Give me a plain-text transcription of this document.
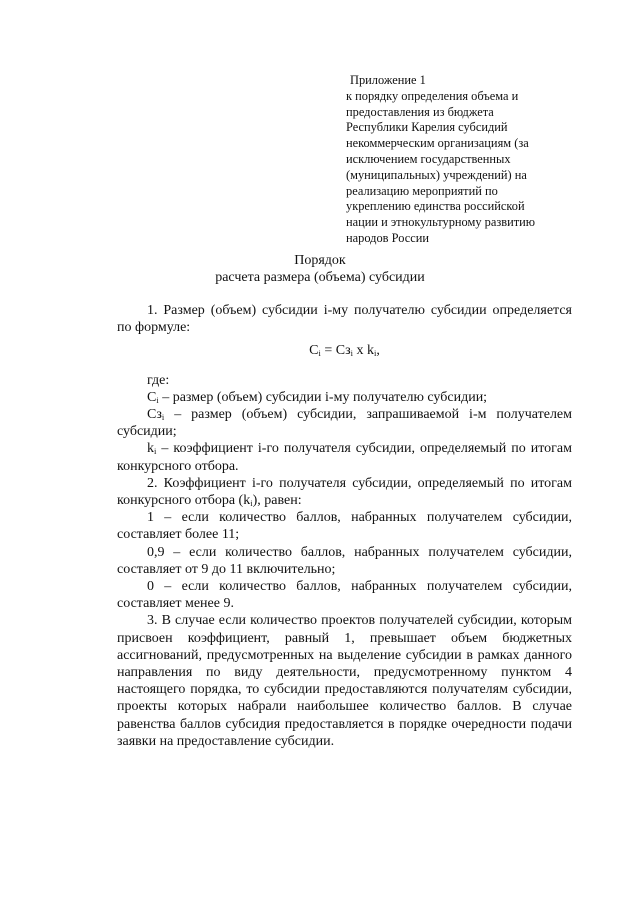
Приложение 1
к порядку определения объема и
предоставления из бюджета
Республики Карелия субсидий
некоммерческим организациям (за
исключением государственных
(муниципальных) учреждений) на
реализацию мероприятий по
укреплению единства российской
нации и этнокультурному развитию
народов России
Порядок
расчета размера (объема) субсидии

1. Размер (объем) субсидии i-му получателю субсидии определяется по формуле:

$C_i = Сз_i$ x $k_i$,

где:

$С_i$ – размер (объем) субсидии i-му получателю субсидии;

$Сз_i$ – размер (объем) субсидии, запрашиваемой i-м получателем субсидии;

$k_i$ – коэффициент i-го получателя субсидии, определяемый по итогам конкурсного отбора.

2. Коэффициент i-го получателя субсидии, определяемый по итогам конкурсного отбора $(k_i)$, равен:

1 – если количество баллов, набранных получателем субсидии, составляет более 11;

0,9 – если количество баллов, набранных получателем субсидии, составляет от 9 до 11 включительно;

0 – если количество баллов, набранных получателем субсидии, составляет менее 9.

3. В случае если количество проектов получателей субсидии, которым присвоен коэффициент, равный 1, превышает объем бюджетных ассигнований, предусмотренных на выделение субсидии в рамках данного направления по виду деятельности, предусмотренному пунктом 4 настоящего порядка, то субсидии предоставляются получателям субсидии, проекты которых набрали наибольшее количество баллов. В случае равенства баллов субсидия предоставляется в порядке очередности подачи заявки на предоставление субсидии.
